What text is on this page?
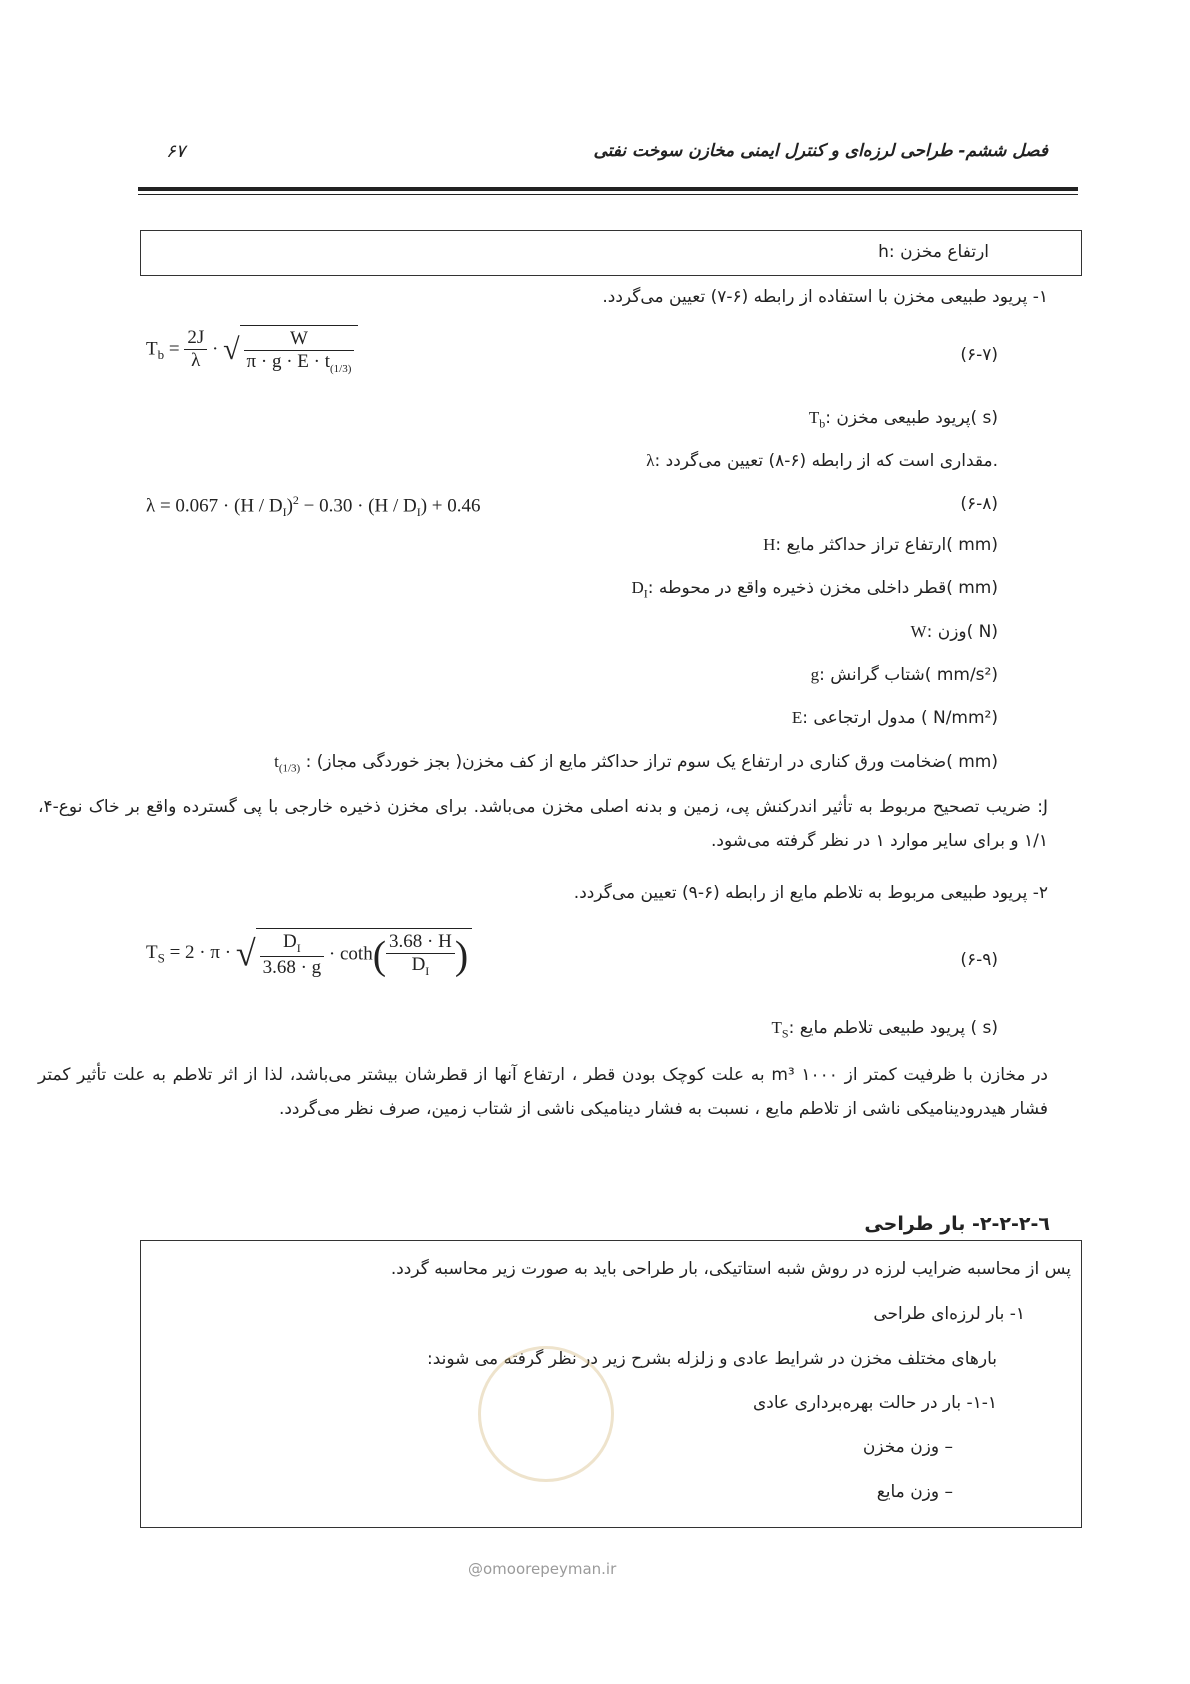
فصل ششم- طراحی لرزه‌ای و کنترل ایمنی مخازن سوخت نفتی
۶۷
h: ارتفاع مخزن
۱- پریود طبیعی مخزن با استفاده از رابطه (۶-۷) تعیین می‌گردد.
(۶-۷)
$T_b = \frac{2J}{\lambda}$ · √ $\frac{W}{\pi \cdot g \cdot E \cdot t_{(1/3)}}$
$T_b$: پریود طبیعی مخزن( s)
λ: مقداری است که از رابطه (۶-۸) تعیین می‌گردد.
(۶-۸)
$\lambda = 0.067 \cdot (H / D_I)^2 - 0.30 \cdot (H / D_I) + 0.46$
H: ارتفاع تراز حداکثر مایع( mm)
$D_I$: قطر داخلی مخزن ذخیره واقع در محوطه( mm)
W: وزن( N)
g: شتاب گرانش( mm/s²)
E: مدول ارتجاعی ( N/mm²)
$t_{(1/3)}$ : ضخامت ورق کناری در ارتفاع یک سوم تراز حداکثر مایع از کف مخزن( بجز خوردگی مجاز)( mm)
J: ضریب تصحیح مربوط به تأثیر اندرکنش پی، زمین و بدنه اصلی مخزن می‌باشد. برای مخزن ذخیره خارجی با پی گسترده واقع بر خاک نوع-۴، ۱/۱ و برای سایر موارد ۱ در نظر گرفته می‌شود.
۲- پریود طبیعی مربوط به تلاطم مایع از رابطه (۶-۹) تعیین می‌گردد.
(۶-۹)
$T_S = 2 \cdot \pi$ · √ $\frac{D_I}{3.68 \cdot g} \cdot \cot h( \frac{3.68 \cdot H}{D_I}$ )
$T_S$: پریود طبیعی تلاطم مایع ( s)
در مخازن با ظرفیت کمتر از ۱۰۰۰ m³ به علت کوچک بودن قطر ، ارتفاع آنها از قطرشان بیشتر می‌باشد، لذا از اثر تلاطم به علت تأثیر کمتر فشار هیدرودینامیکی ناشی از تلاطم مایع ، نسبت به فشار دینامیکی ناشی از شتاب زمین، صرف نظر می‌گردد.
٦-٢-٢-٢- بار طراحی
پس از محاسبه ضرایب لرزه در روش شبه استاتیکی، بار طراحی باید به صورت زیر محاسبه گردد.
۱- بار لرزه‌ای طراحی
بارهای مختلف مخزن در شرایط عادی و زلزله بشرح زیر در نظر گرفته می شوند:
۱-۱- بار در حالت بهره‌برداری عادی
– وزن مخزن
– وزن مایع
@omoorepeyman.ir
